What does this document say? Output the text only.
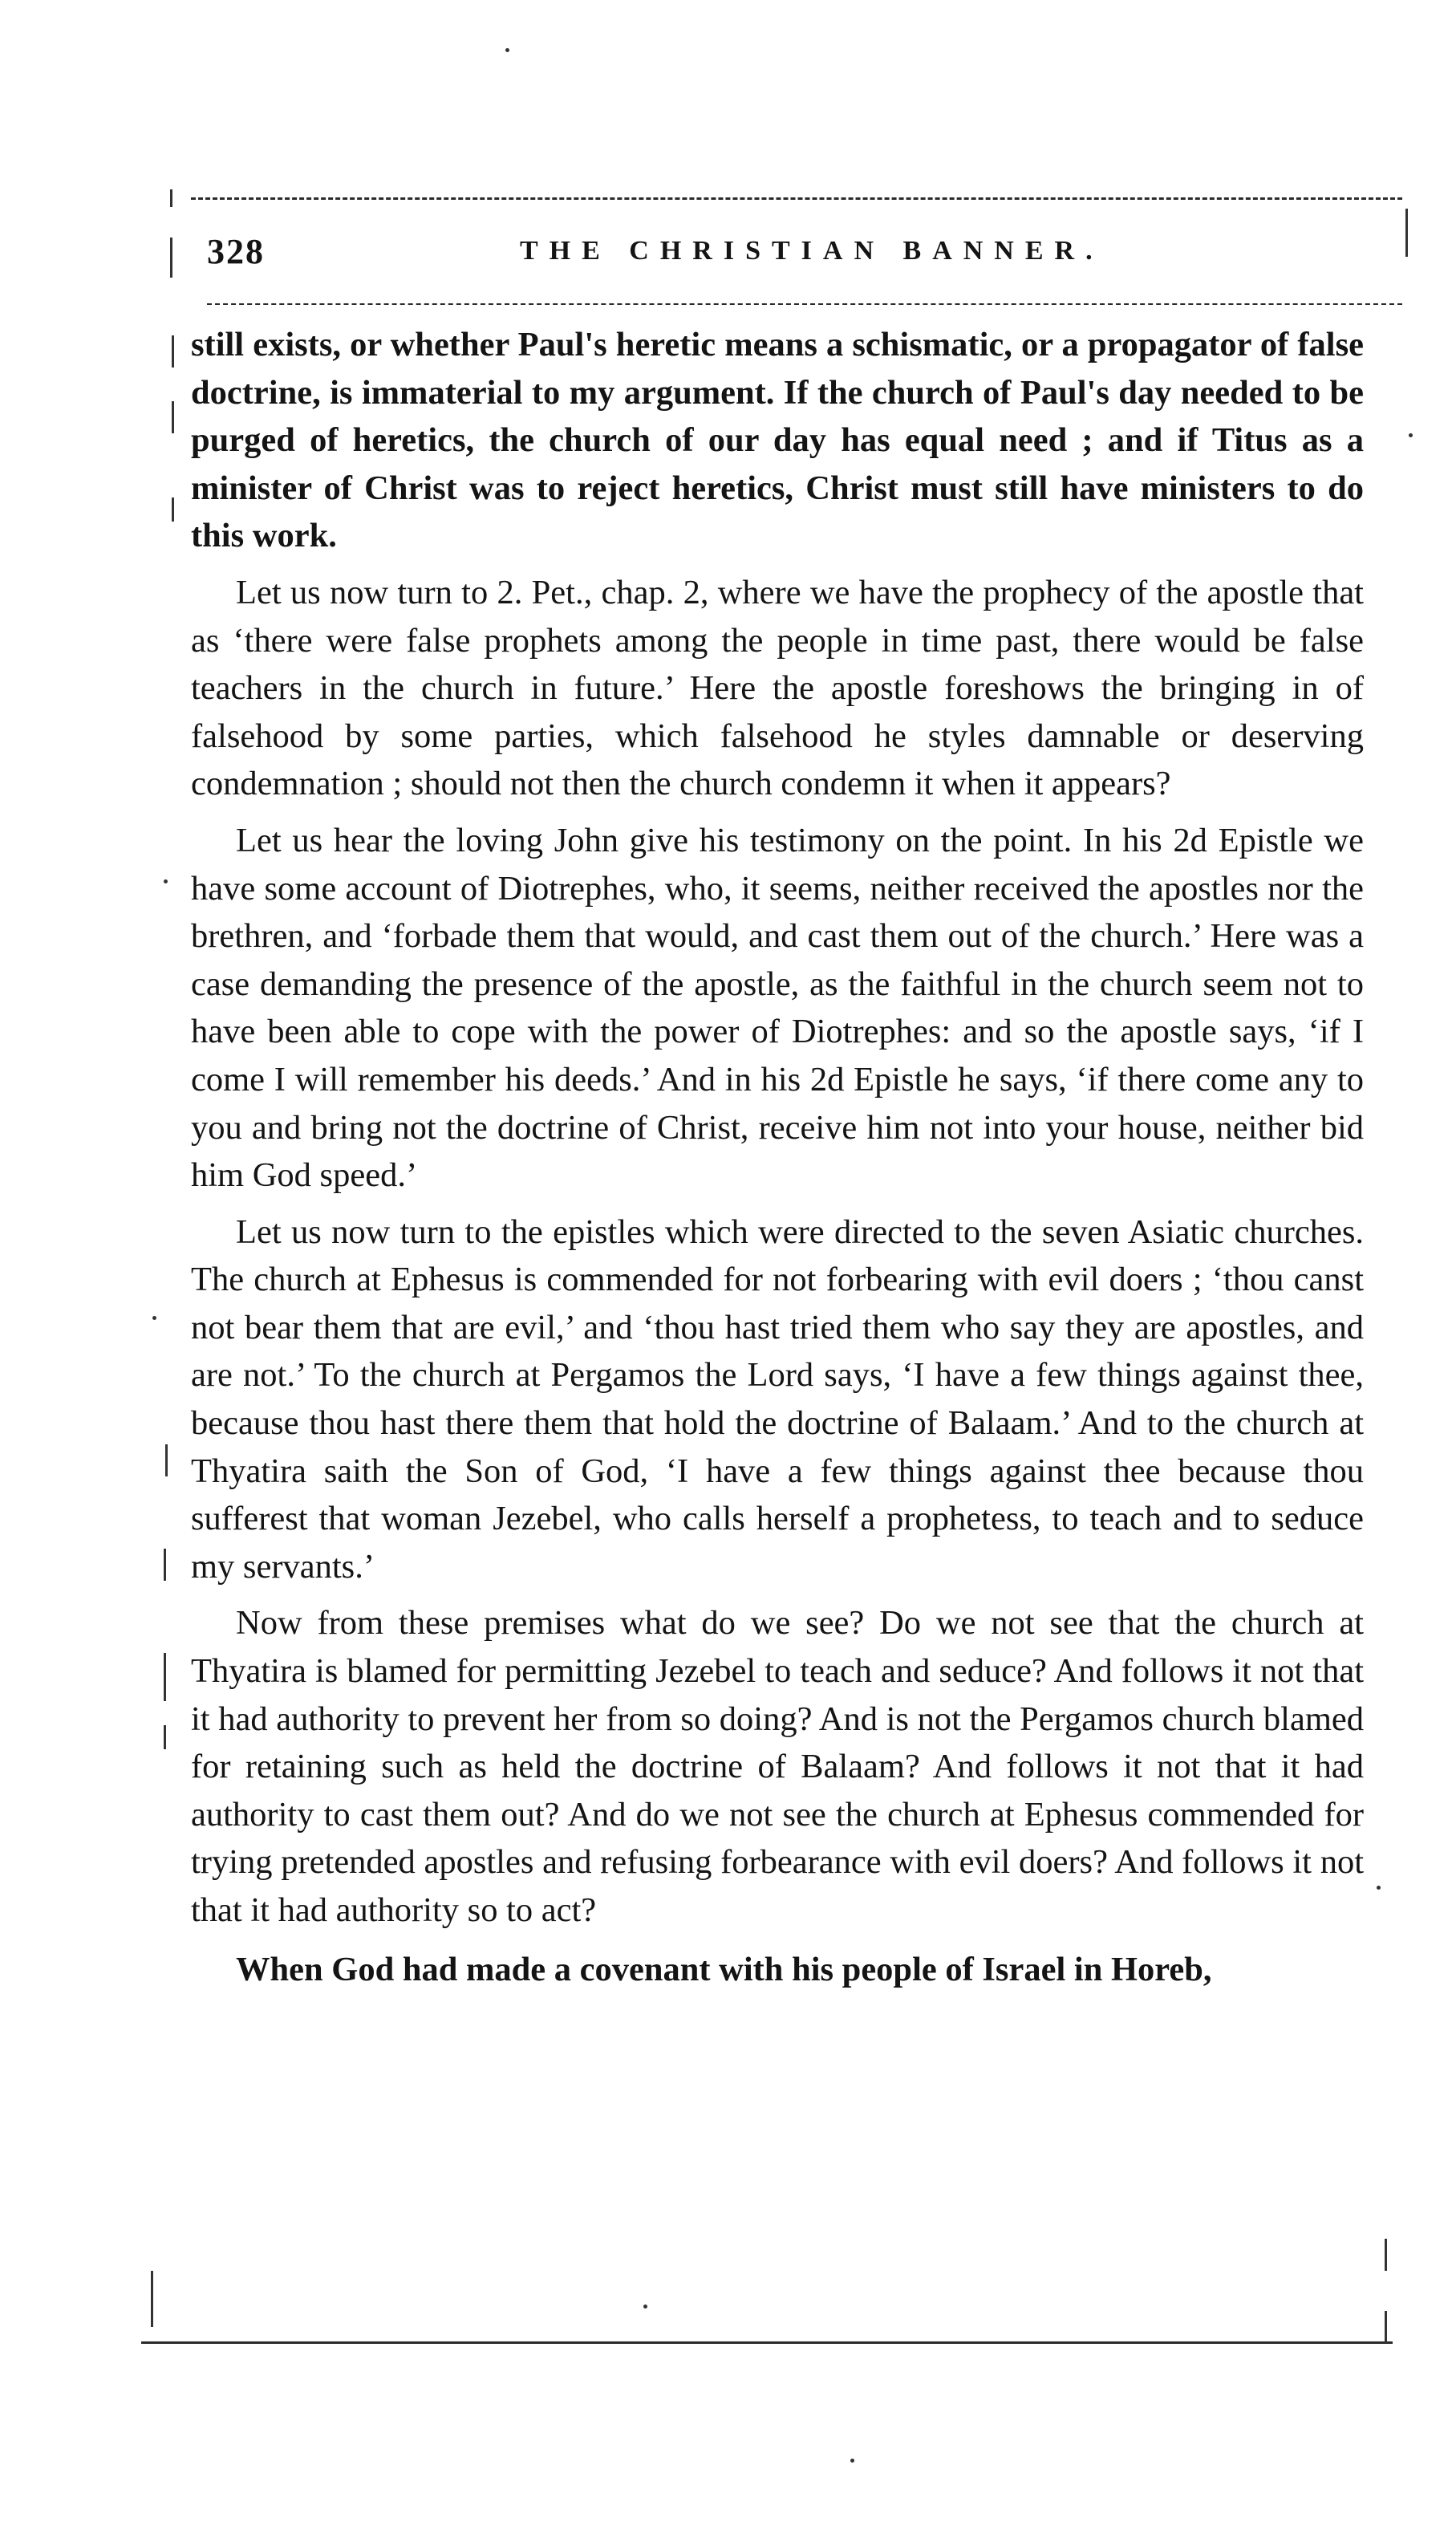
328	THE CHRISTIAN BANNER.

still exists, or whether Paul's heretic means a schismatic, or a propagator of false doctrine, is immaterial to my argument. If the church of Paul's day needed to be purged of heretics, the church of our day has equal need ; and if Titus as a minister of Christ was to reject heretics, Christ must still have ministers to do this work.

Let us now turn to 2. Pet., chap. 2, where we have the prophecy of the apostle that as ‘there were false prophets among the people in time past, there would be false teachers in the church in future.’ Here the apostle foreshows the bringing in of falsehood by some parties, which falsehood he styles damnable or deserving condemnation ; should not then the church condemn it when it appears?

Let us hear the loving John give his testimony on the point. In his 2d Epistle we have some account of Diotrephes, who, it seems, neither received the apostles nor the brethren, and ‘forbade them that would, and cast them out of the church.’ Here was a case demanding the presence of the apostle, as the faithful in the church seem not to have been able to cope with the power of Diotrephes: and so the apostle says, ‘if I come I will remember his deeds.’ And in his 2d Epistle he says, ‘if there come any to you and bring not the doctrine of Christ, receive him not into your house, neither bid him God speed.’

Let us now turn to the epistles which were directed to the seven Asiatic churches. The church at Ephesus is commended for not forbearing with evil doers ; ‘thou canst not bear them that are evil,’ and ‘thou hast tried them who say they are apostles, and are not.’ To the church at Pergamos the Lord says, ‘I have a few things against thee, because thou hast there them that hold the doctrine of Balaam.’ And to the church at Thyatira saith the Son of God, ‘I have a few things against thee because thou sufferest that woman Jezebel, who calls herself a prophetess, to teach and to seduce my servants.’

Now from these premises what do we see? Do we not see that the church at Thyatira is blamed for permitting Jezebel to teach and seduce? And follows it not that it had authority to prevent her from so doing? And is not the Pergamos church blamed for retaining such as held the doctrine of Balaam? And follows it not that it had authority to cast them out? And do we not see the church at Ephesus commended for trying pretended apostles and refusing forbearance with evil doers? And follows it not that it had authority so to act?

When God had made a covenant with his people of Israel in Horeb,
